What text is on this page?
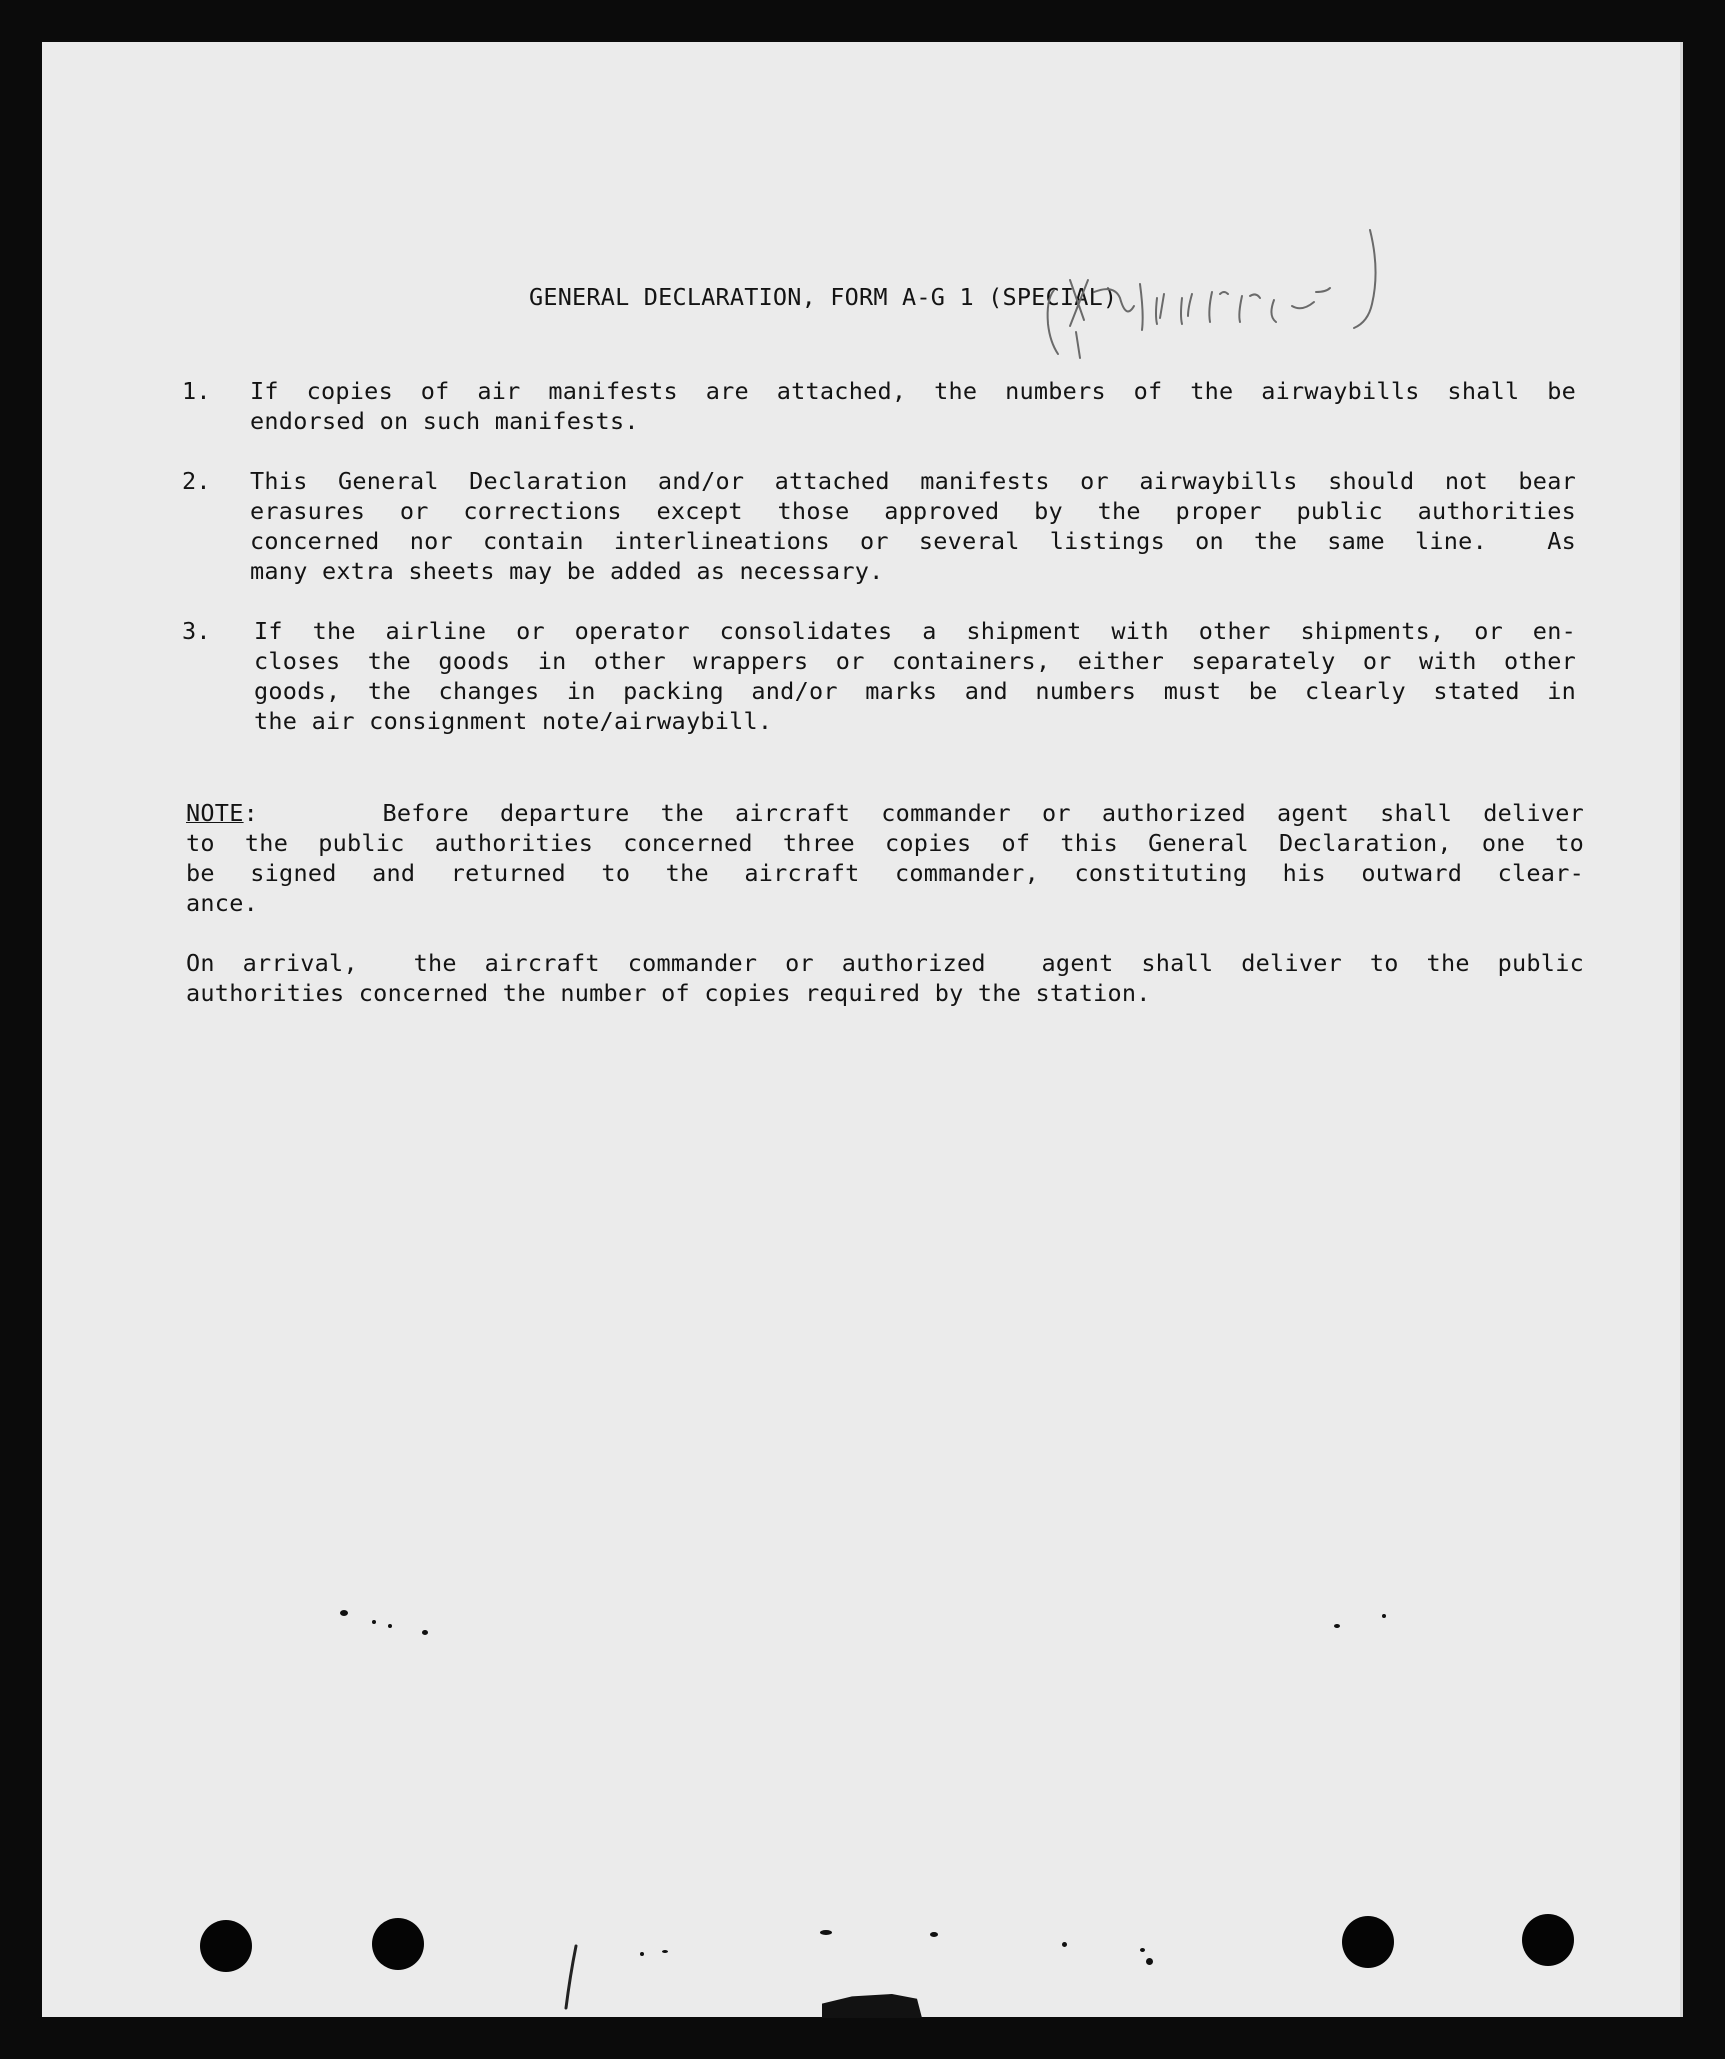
GENERAL DECLARATION, FORM A-G 1 (SPECIAL)
1. If copies of air manifests are attached, the numbers of the airwaybills shall be
endorsed on such manifests.
2. This General Declaration and/or attached manifests or airwaybills should not bear
erasures or corrections except those approved by the proper public authorities
concerned nor contain interlineations or several listings on the same line.  As
many extra sheets may be added as necessary.
3. If the airline or operator consolidates a shipment with other shipments, or en-
closes the goods in other wrappers or containers, either separately or with other
goods, the changes in packing and/or marks and numbers must be clearly stated in
the air consignment note/airwaybill.
NOTE:    Before departure the aircraft commander or authorized agent shall deliver
to the public authorities concerned three copies of this General Declaration, one to
be signed and returned to the aircraft commander, constituting his outward clear-
ance.
On arrival,  the aircraft commander or authorized  agent shall deliver to the public
authorities concerned the number of copies required by the station.
